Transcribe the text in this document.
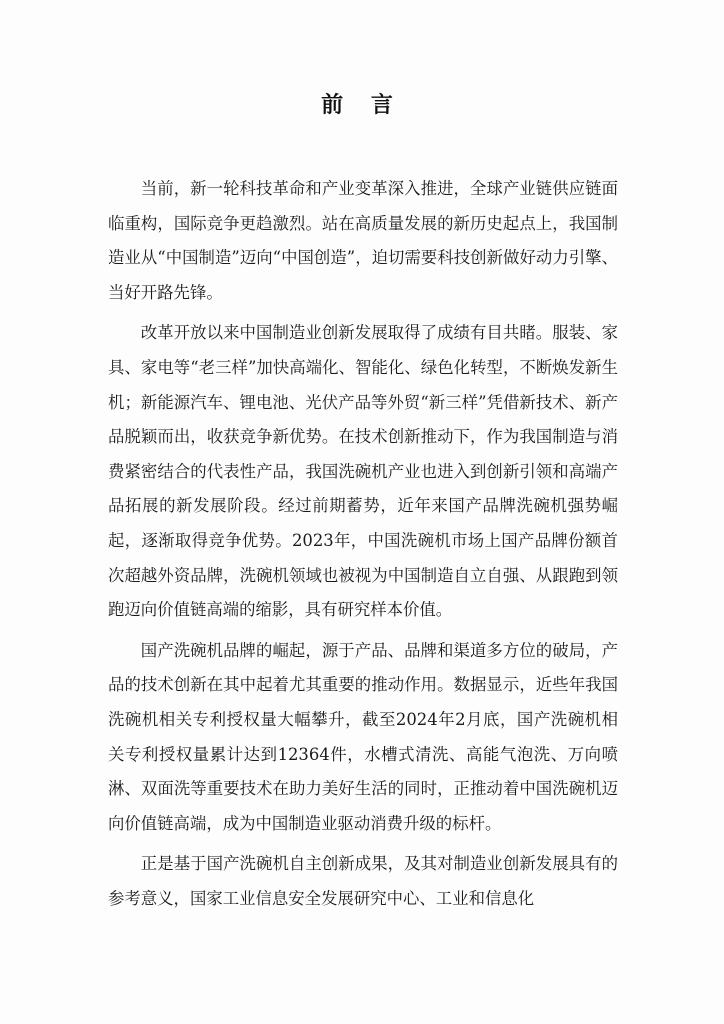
前 言

当前，新一轮科技革命和产业变革深入推进，全球产业链供应链面临重构，国际竞争更趋激烈。站在高质量发展的新历史起点上，我国制造业从“中国制造”迈向“中国创造”，迫切需要科技创新做好动力引擎、当好开路先锋。

改革开放以来中国制造业创新发展取得了成绩有目共睹。服装、家具、家电等“老三样”加快高端化、智能化、绿色化转型，不断焕发新生机；新能源汽车、锂电池、光伏产品等外贸“新三样”凭借新技术、新产品脱颖而出，收获竞争新优势。在技术创新推动下，作为我国制造与消费紧密结合的代表性产品，我国洗碗机产业也进入到创新引领和高端产品拓展的新发展阶段。经过前期蓄势，近年来国产品牌洗碗机强势崛起，逐渐取得竞争优势。2023年，中国洗碗机市场上国产品牌份额首次超越外资品牌，洗碗机领域也被视为中国制造自立自强、从跟跑到领跑迈向价值链高端的缩影，具有研究样本价值。

国产洗碗机品牌的崛起，源于产品、品牌和渠道多方位的破局，产品的技术创新在其中起着尤其重要的推动作用。数据显示，近些年我国洗碗机相关专利授权量大幅攀升，截至2024年2月底，国产洗碗机相关专利授权量累计达到12364件，水槽式清洗、高能气泡洗、万向喷淋、双面洗等重要技术在助力美好生活的同时，正推动着中国洗碗机迈向价值链高端，成为中国制造业驱动消费升级的标杆。

正是基于国产洗碗机自主创新成果，及其对制造业创新发展具有的参考意义，国家工业信息安全发展研究中心、工业和信息化
